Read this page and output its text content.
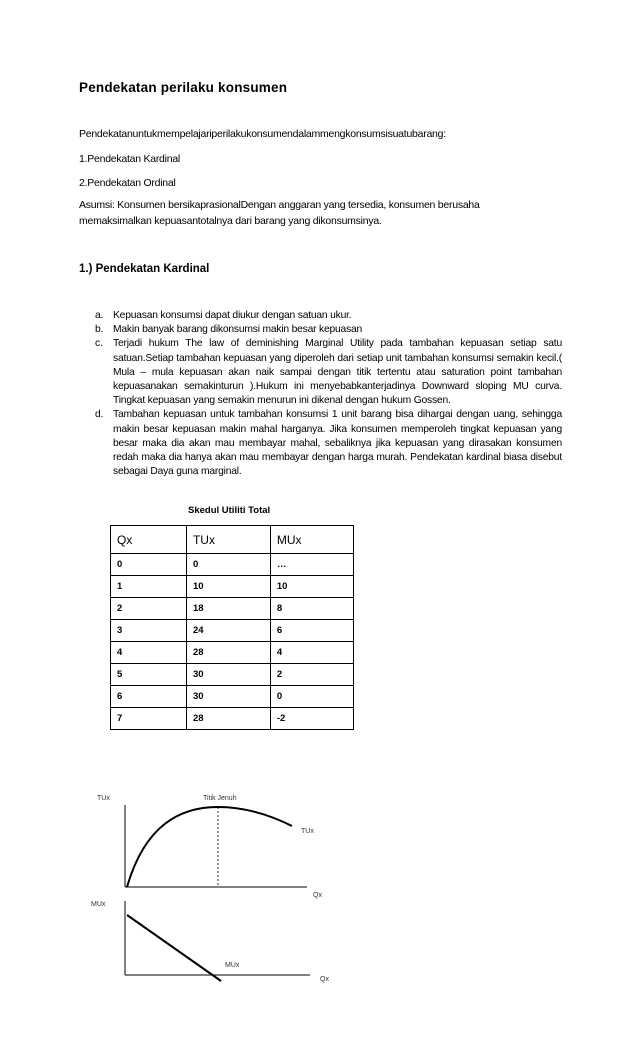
Pendekatan perilaku konsumen
Pendekatanuntukmempelajariperilakukonsumendalammengkonsumsisuatubarang:
1.Pendekatan Kardinal
2.Pendekatan Ordinal
Asumsi: Konsumen bersikaprasionalDengan anggaran yang tersedia, konsumen berusaha
memaksimalkan kepuasantotalnya dari barang yang dikonsumsinya.
1.) Pendekatan Kardinal
a. Kepuasan konsumsi dapat diukur dengan satuan ukur.
b. Makin banyak barang dikonsumsi makin besar kepuasan
c. Terjadi hukum The law of deminishing Marginal Utility pada tambahan kepuasan setiap satu satuan.Setiap tambahan kepuasan yang diperoleh dari setiap unit tambahan konsumsi semakin kecil.( Mula – mula kepuasan akan naik sampai dengan titik tertentu atau saturation point tambahan kepuasanakan semakinturun ).Hukum ini menyebabkanterjadinya Downward sloping MU curva. Tingkat kepuasan yang semakin menurun ini dikenal dengan hukum Gossen.
d. Tambahan kepuasan untuk tambahan konsumsi 1 unit barang bisa dihargai dengan uang, sehingga makin besar kepuasan makin mahal harganya. Jika konsumen memperoleh tingkat kepuasan yang besar maka dia akan mau membayar mahal, sebaliknya jika kepuasan yang dirasakan konsumen redah maka dia hanya akan mau membayar dengan harga murah. Pendekatan kardinal biasa disebut sebagai Daya guna marginal.
Skedul Utiliti Total
Qx	TUx	MUx
0	0	…
1	10	10
2	18	8
3	24	6
4	28	4
5	30	2
6	30	0
7	28	-2
TUx
Qx
Titik Jenuh
TUx
MUx
Qx
MUx
